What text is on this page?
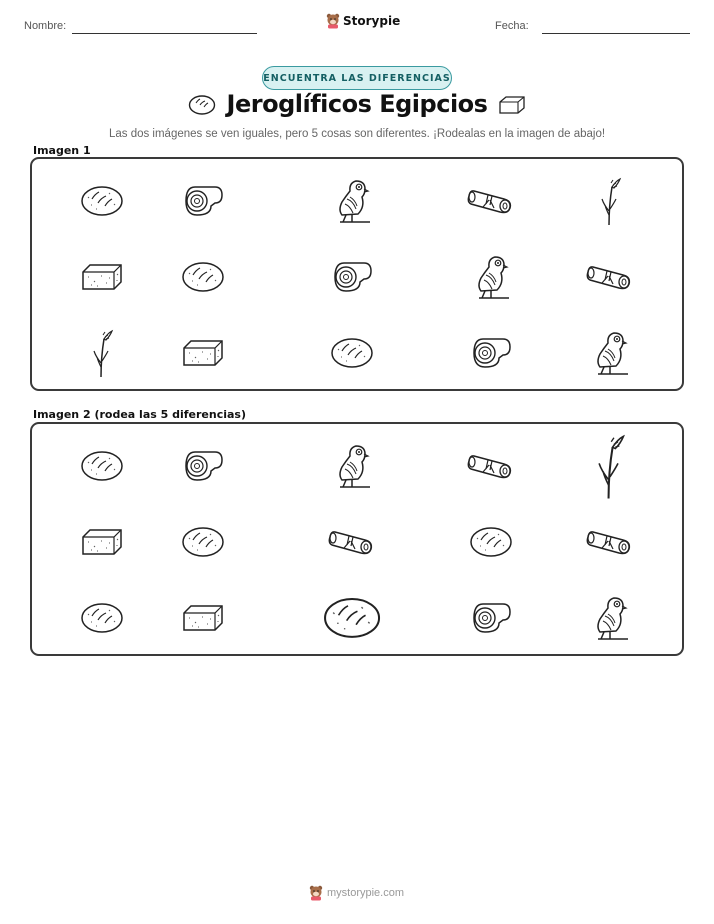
Nombre:	Storypie	Fecha:
ENCUENTRA LAS DIFERENCIAS
Jeroglíficos Egipcios
Las dos imágenes se ven iguales, pero 5 cosas son diferentes. ¡Rodealas en la imagen de abajo!
Imagen 1
Imagen 2 (rodea las 5 diferencias)
mystorypie.com
